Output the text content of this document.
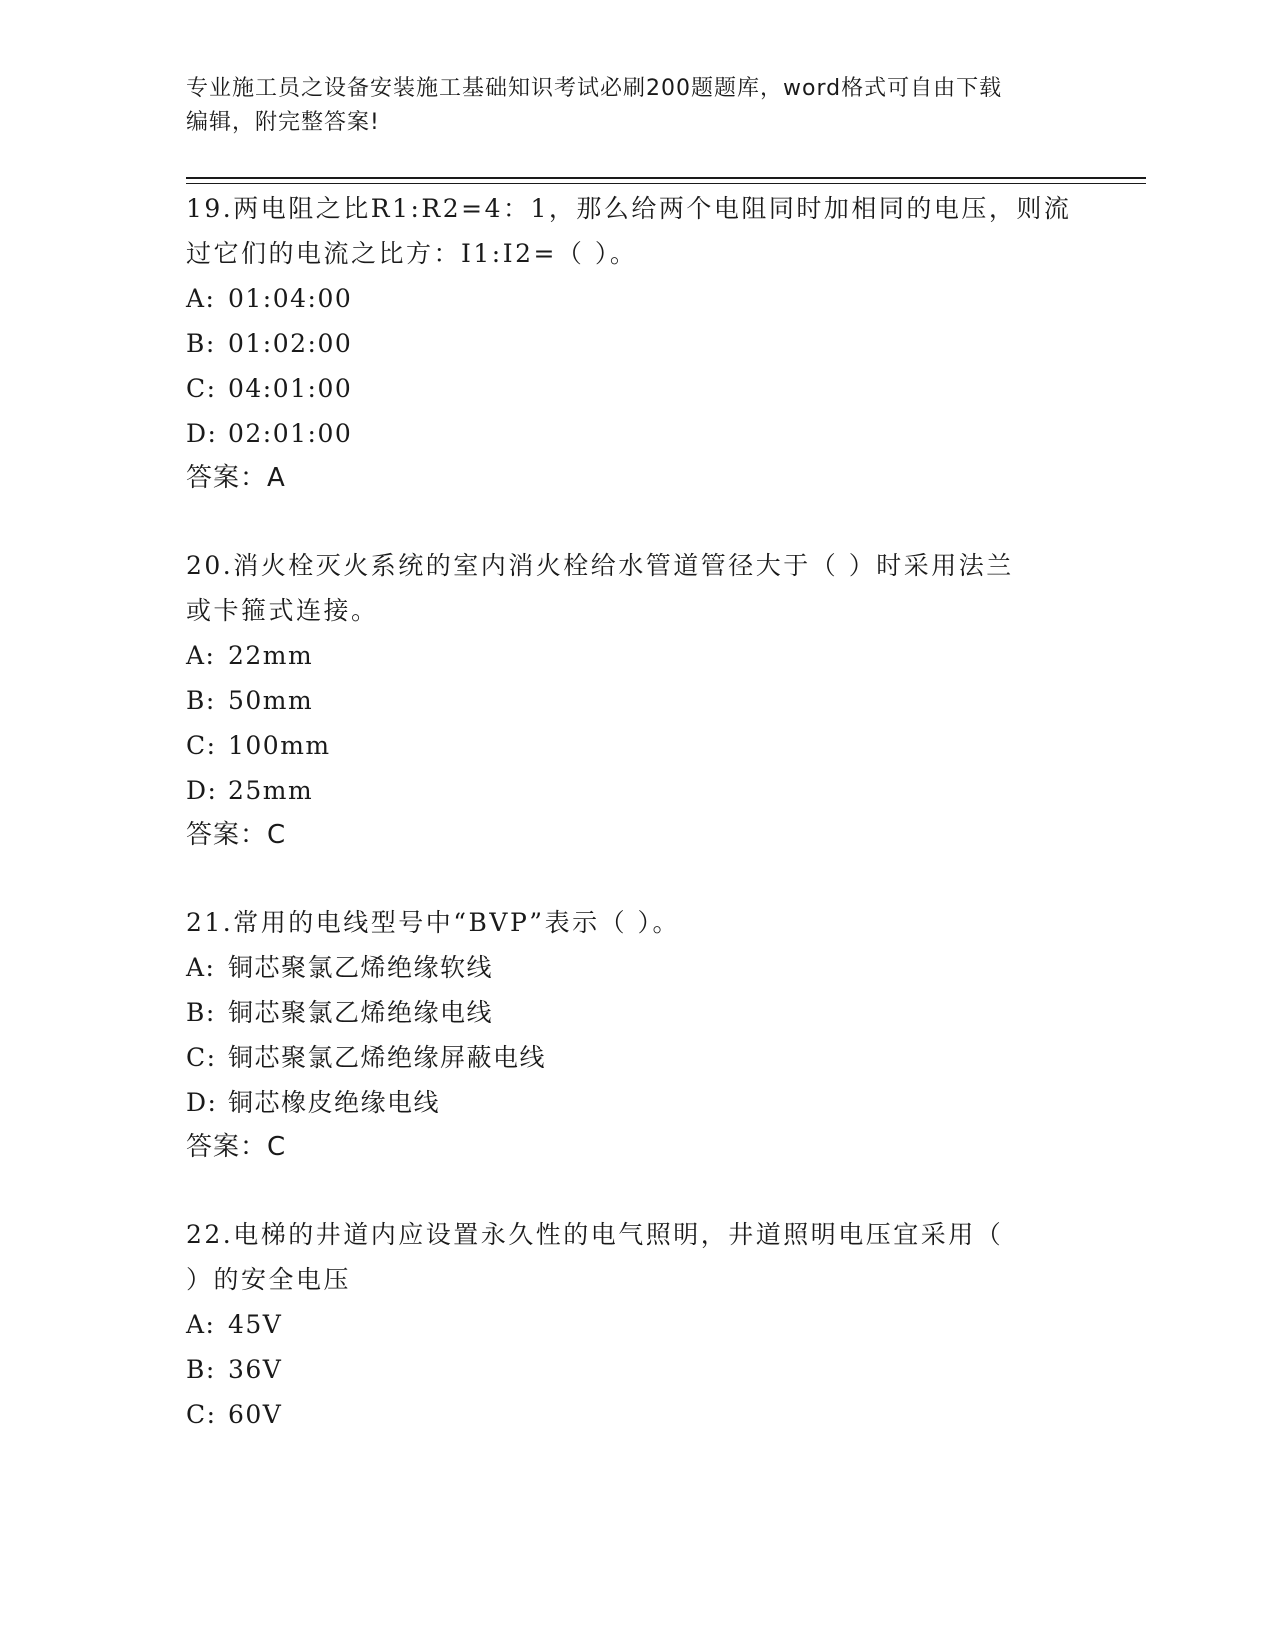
专业施工员之设备安装施工基础知识考试必刷200题题库，word格式可自由下载
编辑，附完整答案!

19.两电阻之比R1:R2=4：1，那么给两个电阻同时加相同的电压，则流

过它们的电流之比方：I1:I2=（ ）。

A: 01:04:00

B: 01:02:00

C: 04:01:00

D: 02:01:00

答案：A

20.消火栓灭火系统的室内消火栓给水管道管径大于（ ）时采用法兰

或卡箍式连接。

A: 22mm

B: 50mm

C: 100mm

D: 25mm

答案：C

21.常用的电线型号中“BVP”表示（ ）。

A: 铜芯聚氯乙烯绝缘软线

B: 铜芯聚氯乙烯绝缘电线

C: 铜芯聚氯乙烯绝缘屏蔽电线

D: 铜芯橡皮绝缘电线

答案：C

22.电梯的井道内应设置永久性的电气照明，井道照明电压宜采用（

）的安全电压

A: 45V

B: 36V

C: 60V
